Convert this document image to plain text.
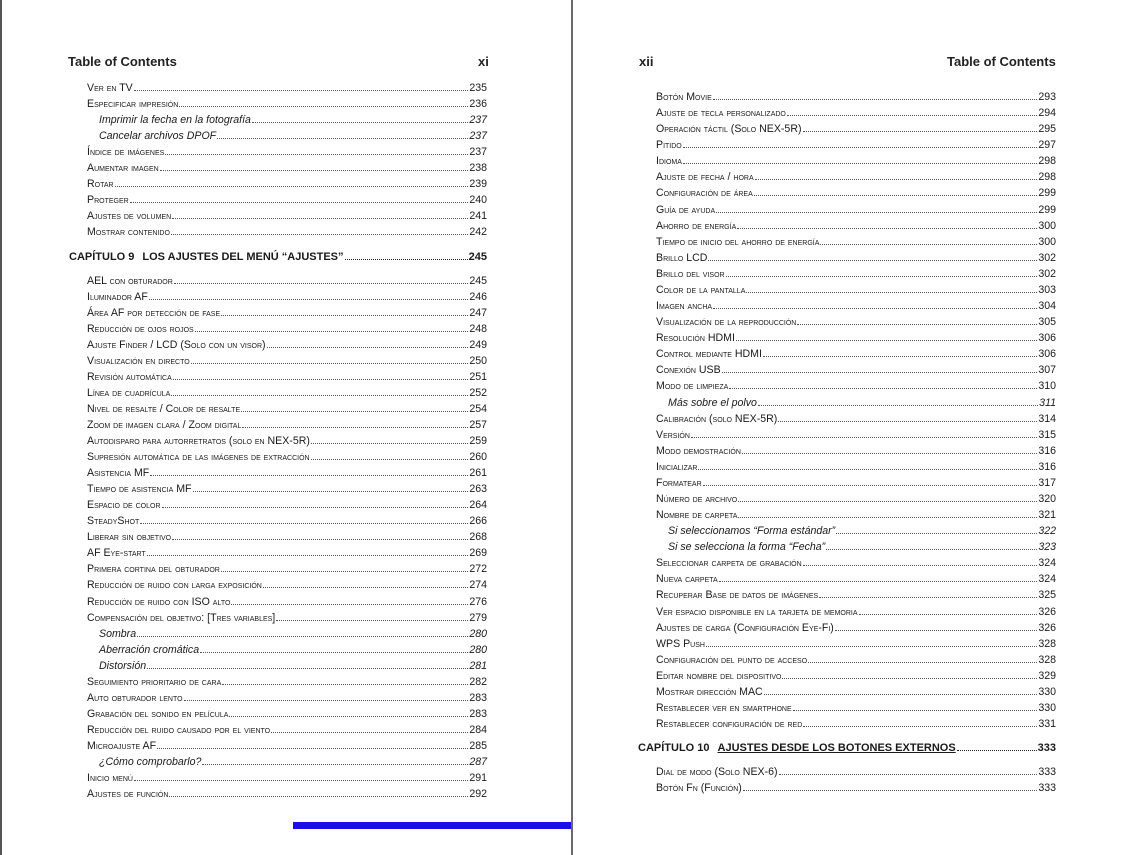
Table of Contents	xi
Ver en TV	235
Especificar impresión	236
Imprimir la fecha en la fotografía	237
Cancelar archivos DPOF	237
Índice de imágenes	237
Aumentar imagen	238
Rotar	239
Proteger	240
Ajustes de volumen	241
Mostrar contenido	242
CAPÍTULO 9 LOS AJUSTES DEL MENÚ “AJUSTES”	245
AEL con obturador	245
Iluminador AF	246
Área AF por detección de fase	247
Reducción de ojos rojos	248
Ajuste Finder / LCD (Solo con un visor)	249
Visualización en directo	250
Revisión automática	251
Línea de cuadrícula	252
Nivel de resalte / Color de resalte	254
Zoom de imagen clara / Zoom digital	257
Autodisparo para autorretratos (solo en NEX-5R)	259
Supresión automática de las imágenes de extracción	260
Asistencia MF	261
Tiempo de asistencia MF	263
Espacio de color	264
SteadyShot	266
Liberar sin objetivo	268
AF Eye-start	269
Primera cortina del obturador	272
Reducción de ruido con larga exposición	274
Reducción de ruido con ISO alto	276
Compensación del objetivo: [Tres variables]	279
Sombra	280
Aberración cromática	280
Distorsión	281
Seguimiento prioritario de cara	282
Auto obturador lento	283
Grabación del sonido en película	283
Reducción del ruido causado por el viento	284
Microajuste AF	285
¿Cómo comprobarlo?	287
Inicio menú	291
Ajustes de función	292
xii	Table of Contents
Botón Movie	293
Ajuste de tecla personalizado	294
Operación táctil (Solo NEX-5R)	295
Pitido	297
Idioma	298
Ajuste de fecha / hora	298
Configuración de área	299
Guía de ayuda	299
Ahorro de energía	300
Tiempo de inicio del ahorro de energía	300
Brillo LCD	302
Brillo del visor	302
Color de la pantalla	303
Imagen ancha	304
Visualización de la reproducción	305
Resolución HDMI	306
Control mediante HDMI	306
Conexión USB	307
Modo de limpieza	310
Más sobre el polvo	311
Calibración (solo NEX-5R)	314
Versión	315
Modo demostración	316
Inicializar	316
Formatear	317
Número de archivo	320
Nombre de carpeta	321
Si seleccionamos “Forma estándar”	322
Si se selecciona la forma “Fecha”	323
Seleccionar carpeta de grabación	324
Nueva carpeta	324
Recuperar Base de datos de imágenes	325
Ver espacio disponible en la tarjeta de memoria	326
Ajustes de carga (Configuración Eye-Fi)	326
WPS Push	328
Configuración del punto de acceso	328
Editar nombre del dispositivo	329
Mostrar dirección MAC	330
Restablecer ver en smartphone	330
Restablecer configuración de red	331
CAPÍTULO 10 AJUSTES DESDE LOS BOTONES EXTERNOS	333
Dial de modo (Solo NEX-6)	333
Botón Fn (Función)	333
